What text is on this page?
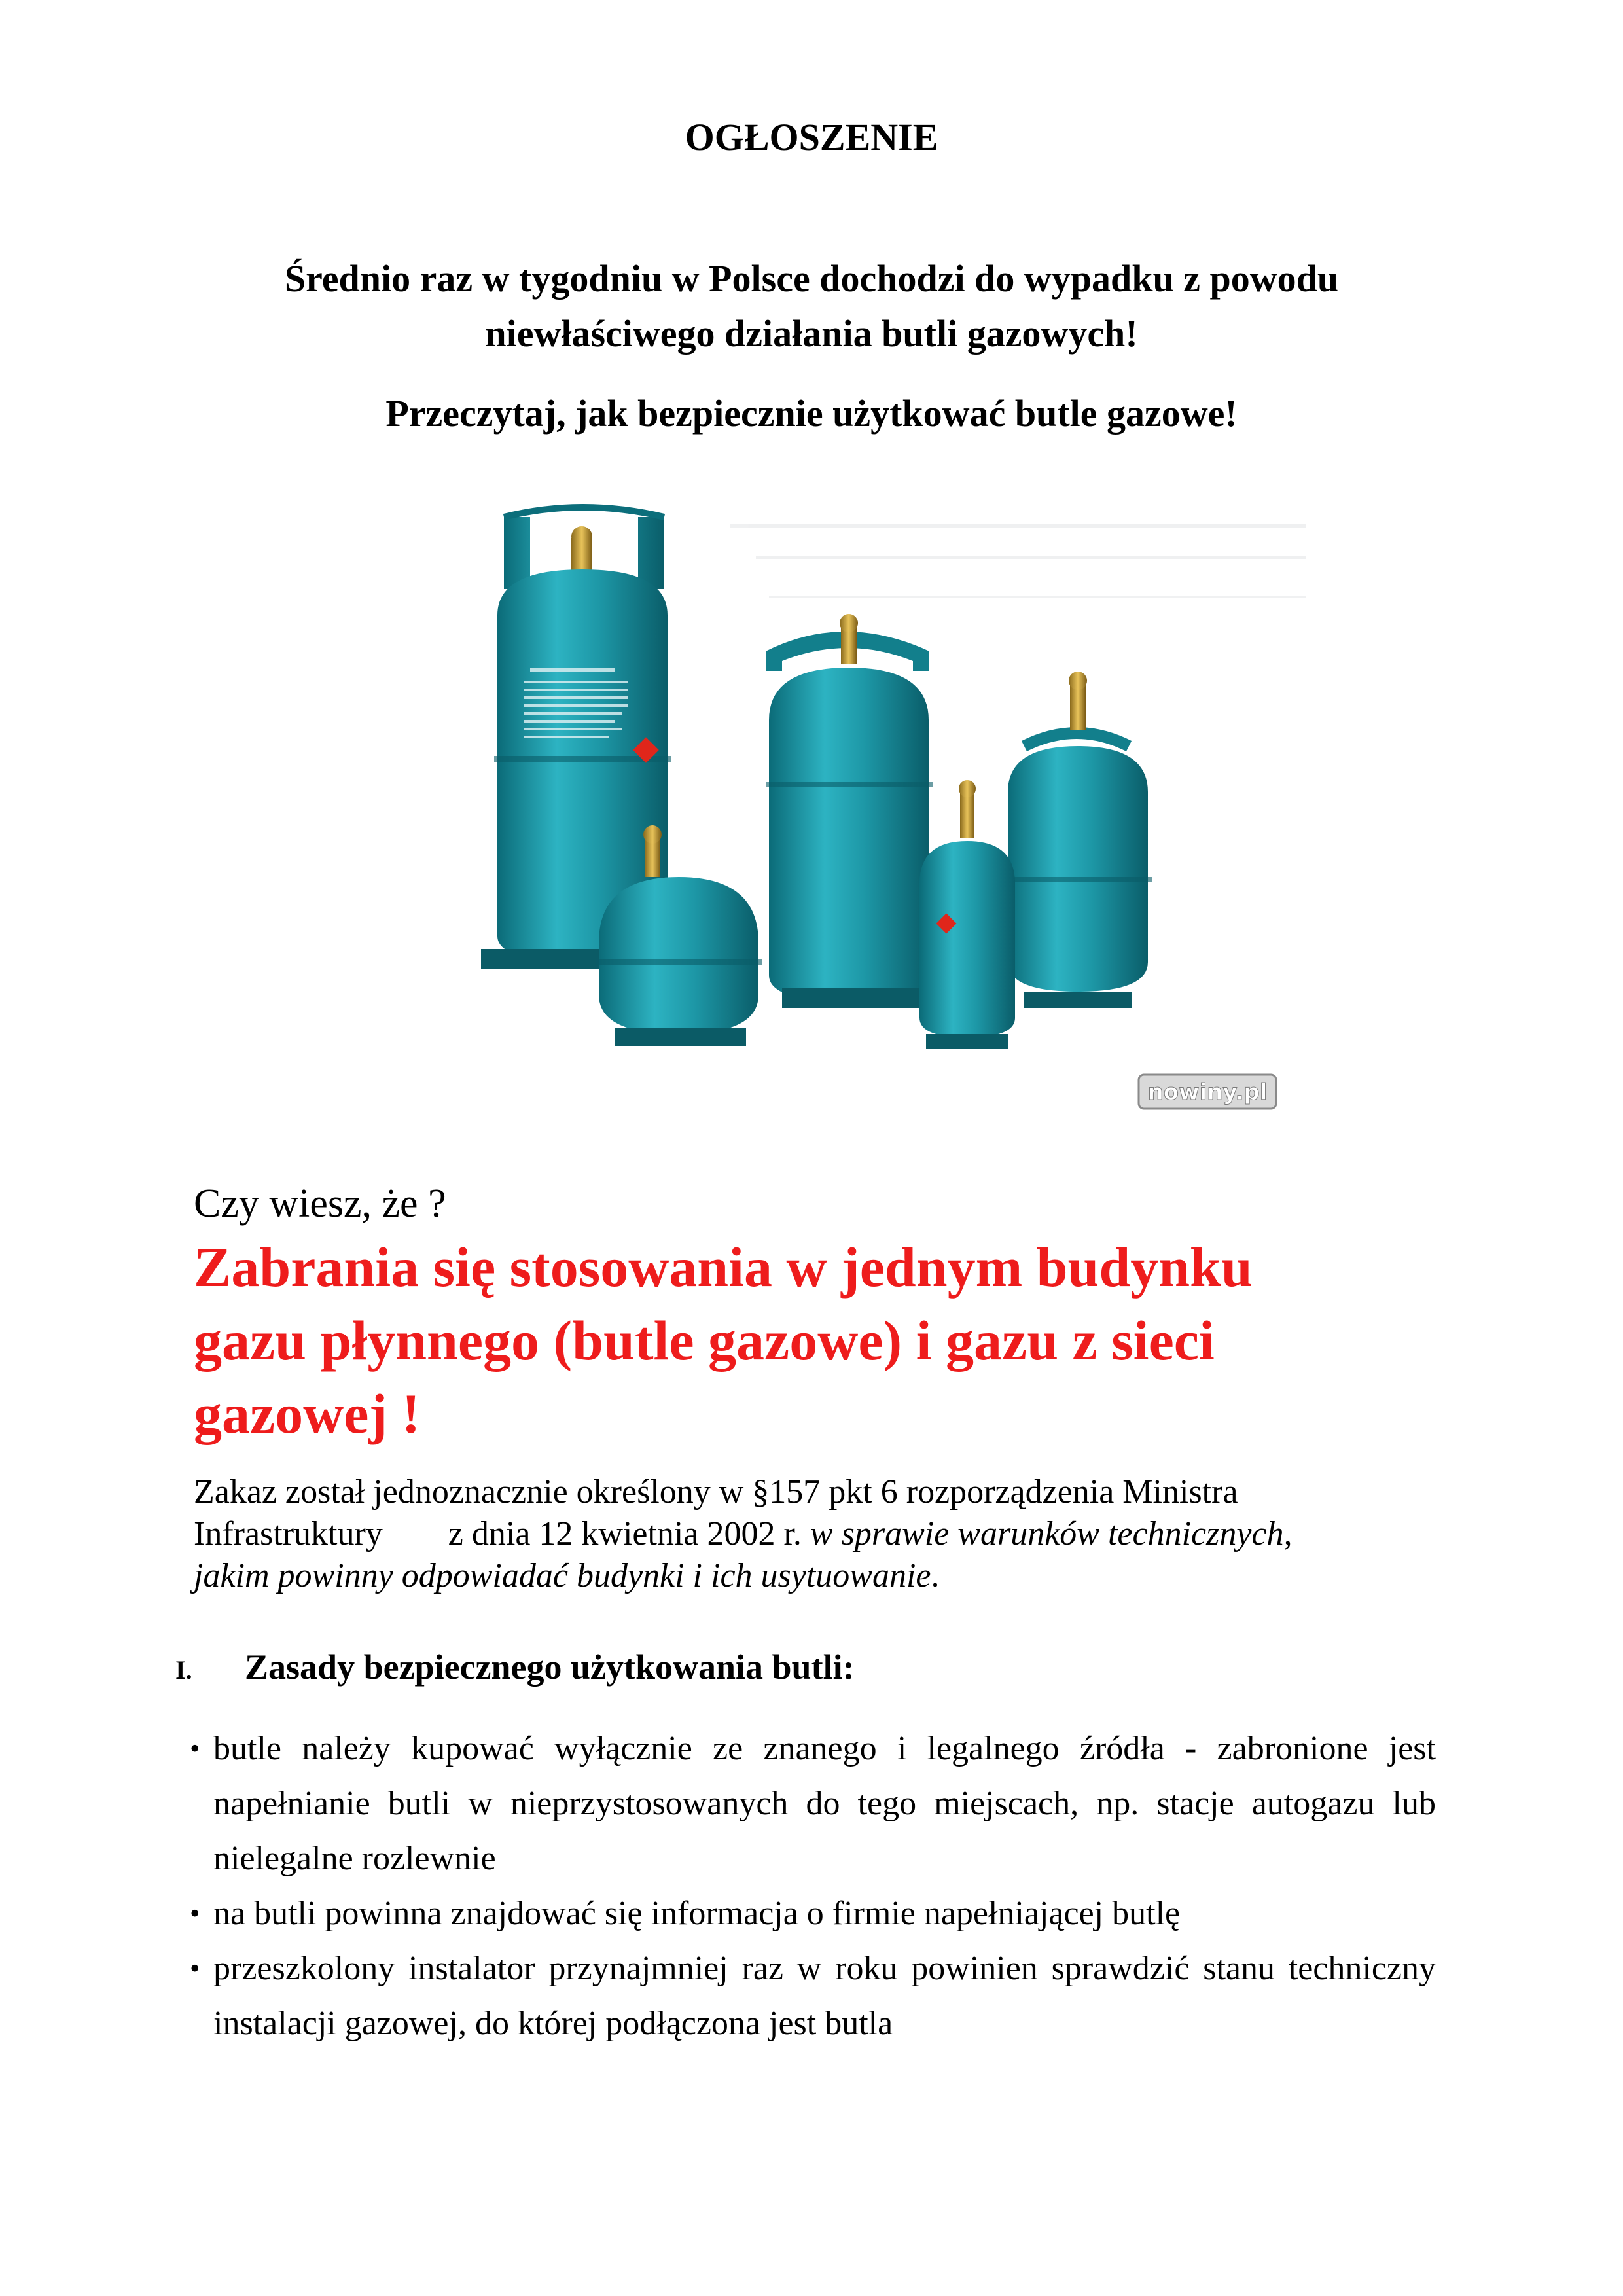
OGŁOSZENIE
Średnio raz w tygodniu w Polsce dochodzi do wypadku z powodu
niewłaściwego działania butli gazowych!
Przeczytaj, jak bezpiecznie użytkować butle gazowe!
nowiny.pl
Czy wiesz, że ?
Zabrania się stosowania w jednym budynku
gazu płynnego (butle gazowe) i gazu z sieci
gazowej !
Zakaz został jednoznacznie określony w §157 pkt 6 rozporządzenia Ministra
Infrastruktury z dnia 12 kwietnia 2002 r. w sprawie warunków technicznych,
jakim powinny odpowiadać budynki i ich usytuowanie.
I. Zasady bezpiecznego użytkowania butli:
• butle należy kupować wyłącznie ze znanego i legalnego źródła - zabronione jest napełnianie butli w nieprzystosowanych do tego miejscach, np. stacje autogazu lub nielegalne rozlewnie
• na butli powinna znajdować się informacja o firmie napełniającej butlę
• przeszkolony instalator przynajmniej raz w roku powinien sprawdzić stanu techniczny instalacji gazowej, do której podłączona jest butla
